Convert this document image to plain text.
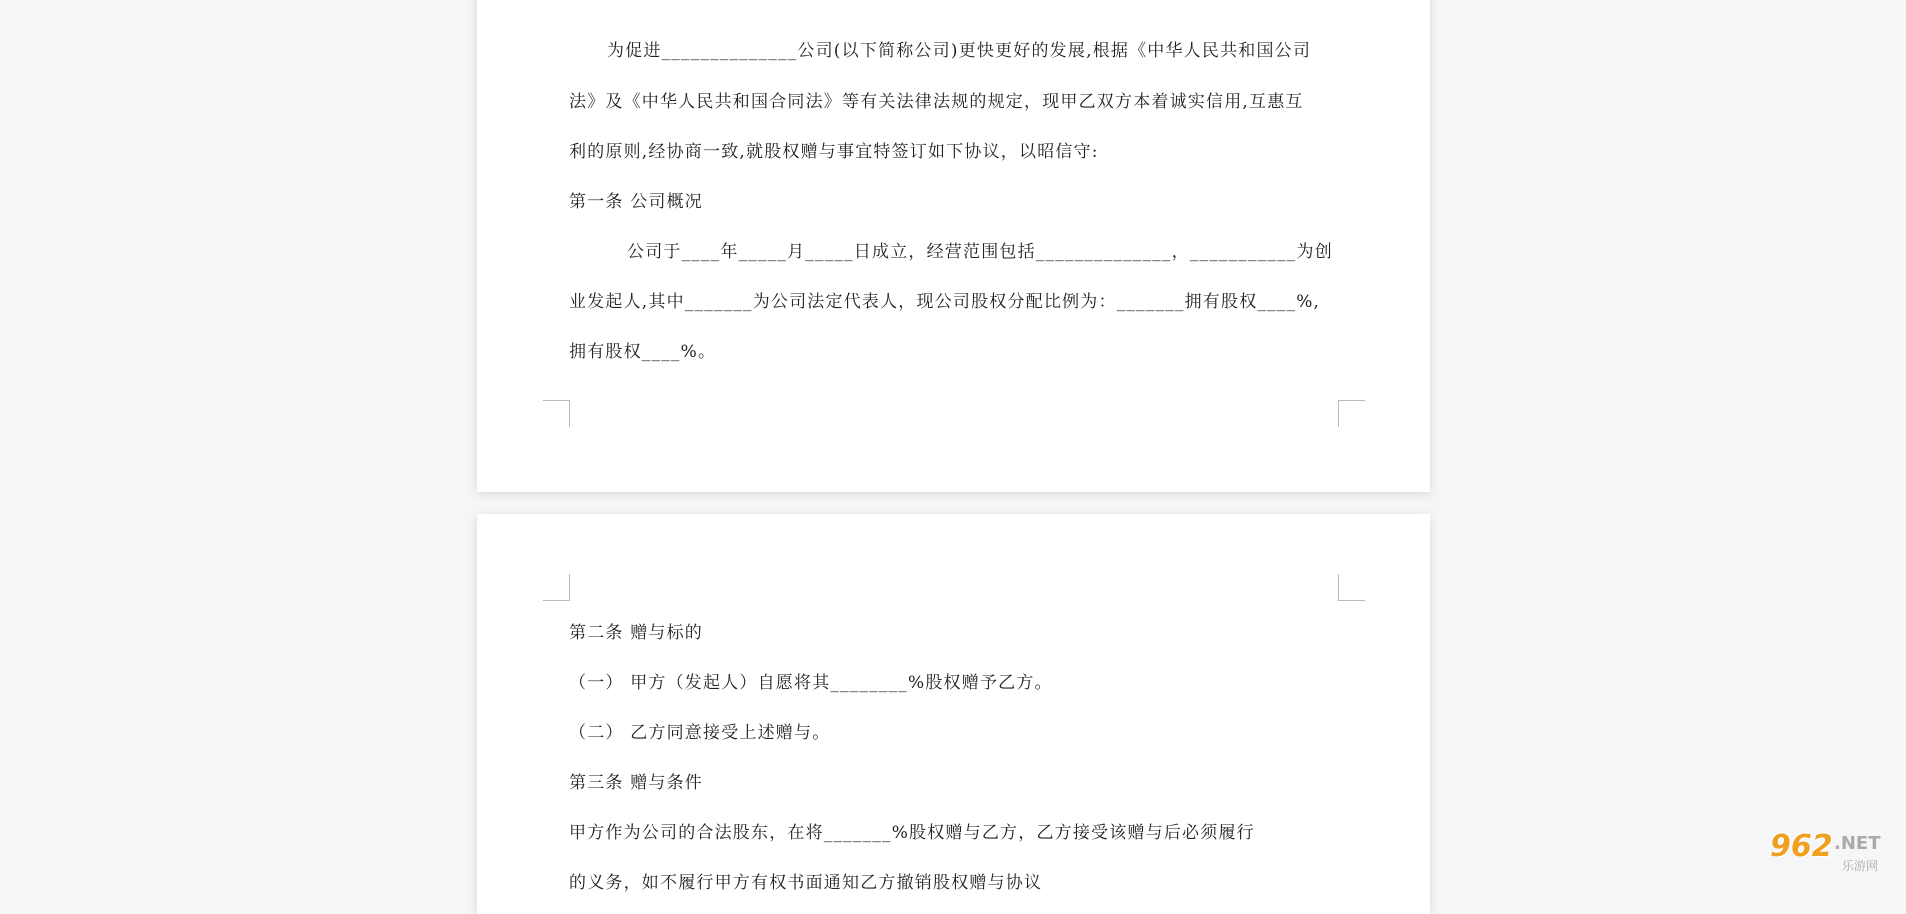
为促进______________公司(以下简称公司)更快更好的发展,根据《中华人民共和国公司
法》及《中华人民共和国合同法》等有关法律法规的规定，现甲乙双方本着诚实信用,互惠互
利的原则,经协商一致,就股权赠与事宜特签订如下协议，以昭信守:
第一条 公司概况
公司于____年_____月_____日成立，经营范围包括______________，___________为创
业发起人,其中_______为公司法定代表人，现公司股权分配比例为：_______拥有股权____%,
拥有股权____%。
第二条 赠与标的
（一） 甲方（发起人）自愿将其________%股权赠予乙方。
（二） 乙方同意接受上述赠与。
第三条 赠与条件
甲方作为公司的合法股东，在将_______%股权赠与乙方，乙方接受该赠与后必须履行
的义务，如不履行甲方有权书面通知乙方撤销股权赠与协议
962 .NET
乐游网
